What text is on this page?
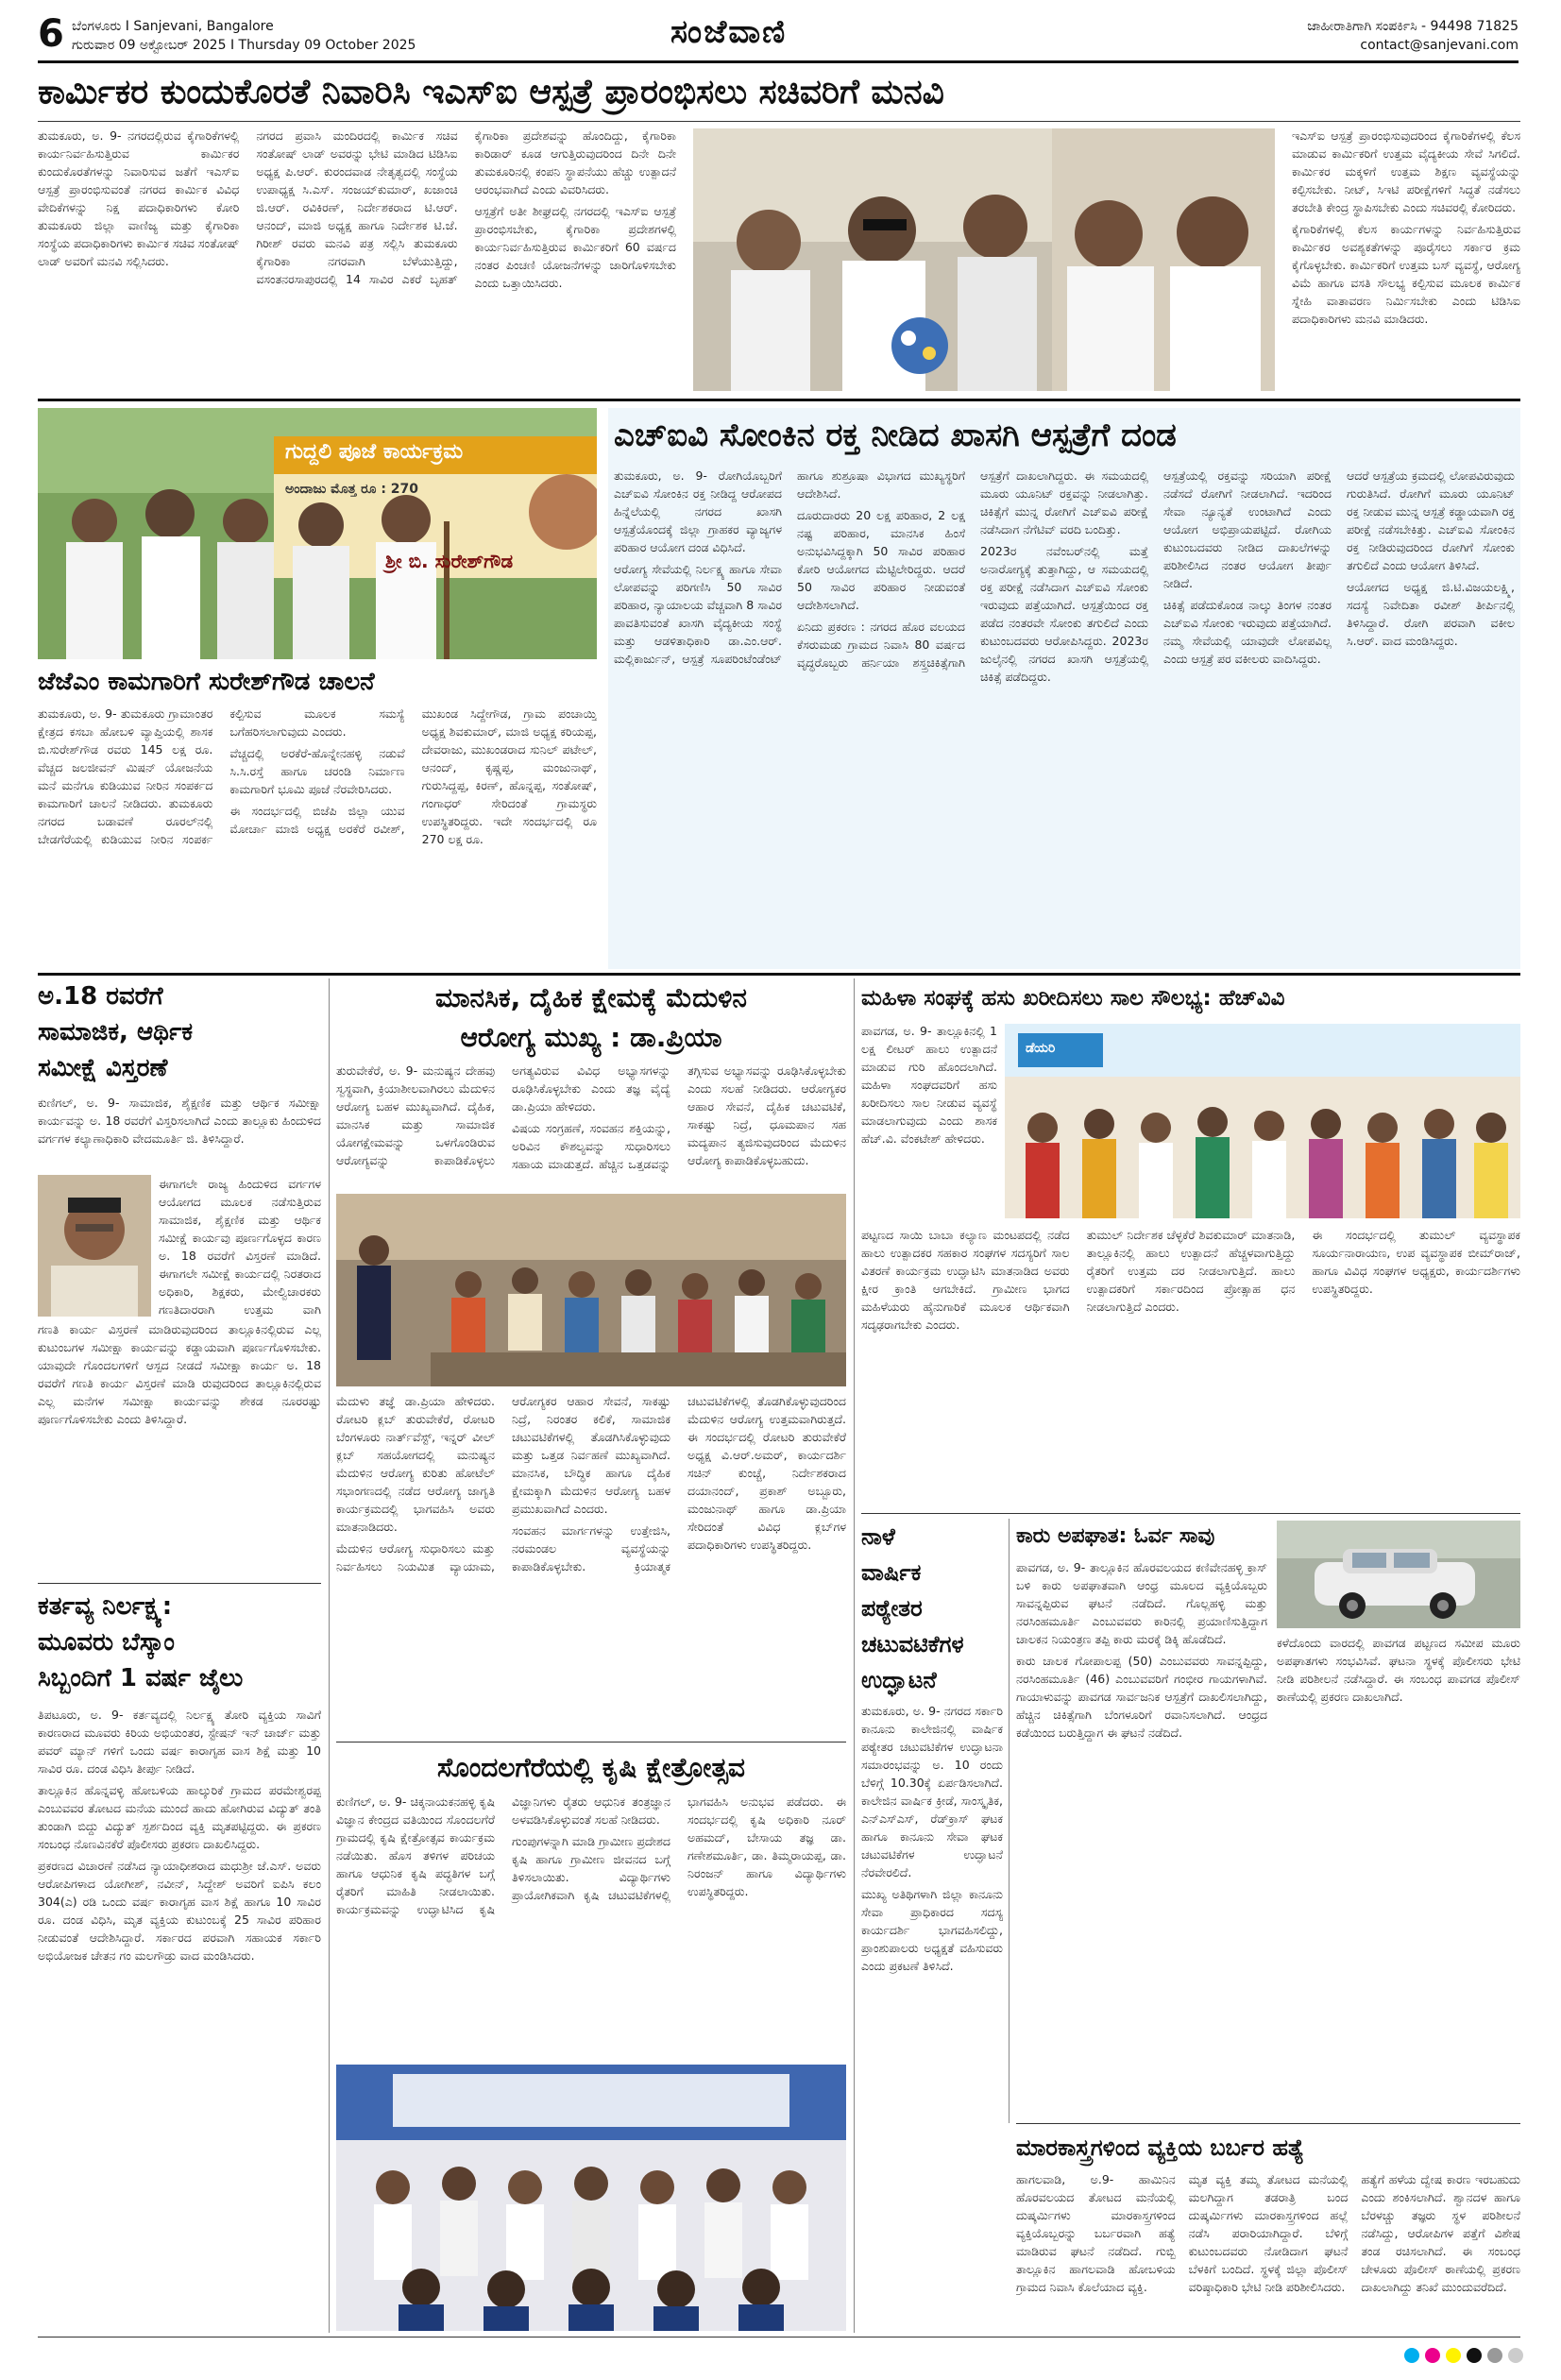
6 ಬೆಂಗಳೂರು I Sanjevani, Bangalore
ಗುರುವಾರ 09 ಅಕ್ಟೋಬರ್ 2025 I Thursday 09 October 2025	ಸಂಜೆವಾಣಿ	ಜಾಹೀರಾತಿಗಾಗಿ ಸಂಪರ್ಕಿಸಿ - 94498 71825
contact@sanjevani.com
ಕಾರ್ಮಿಕರ ಕುಂದುಕೊರತೆ ನಿವಾರಿಸಿ ಇಎಸ್‌ಐ ಆಸ್ಪತ್ರೆ ಪ್ರಾರಂಭಿಸಲು ಸಚಿವರಿಗೆ ಮನವಿ

ತುಮಕೂರು, ಅ. 9- ನಗರದಲ್ಲಿರುವ ಕೈಗಾರಿಕೆಗಳಲ್ಲಿ ಕಾರ್ಯನಿರ್ವಹಿಸುತ್ತಿರುವ ಕಾರ್ಮಿಕರ ಕುಂದುಕೊರತೆಗಳನ್ನು ನಿವಾರಿಸುವ ಜತೆಗೆ ಇಎಸ್‌ಐ ಆಸ್ಪತ್ರೆ ಪ್ರಾರಂಭಿಸುವಂತೆ ನಗರದ ಕಾರ್ಮಿಕ ವಿವಿಧ ವೇದಿಕೆಗಳನ್ನು ನಿಕ್ಷ ಪದಾಧಿಕಾರಿಗಳು ಕೋರಿ ತುಮಕೂರು ಜಿಲ್ಲಾ ವಾಣಿಜ್ಯ ಮತ್ತು ಕೈಗಾರಿಕಾ ಸಂಸ್ಥೆಯ ಪದಾಧಿಕಾರಿಗಳು ಕಾರ್ಮಿಕ ಸಚಿವ ಸಂತೋಷ್ ಲಾಡ್ ಅವರಿಗೆ ಮನವಿ ಸಲ್ಲಿಸಿದರು.

ನಗರದ ಪ್ರವಾಸಿ ಮಂದಿರದಲ್ಲಿ ಕಾರ್ಮಿಕ ಸಚಿವ ಸಂತೋಷ್ ಲಾಡ್ ಅವರನ್ನು ಭೇಟಿ ಮಾಡಿದ ಟಿಡಿಸಿಐ ಅಧ್ಯಕ್ಷ ಪಿ.ಆರ್. ಕುರಂದವಾಡ ನೇತೃತ್ವದಲ್ಲಿ ಸಂಸ್ಥೆಯ ಉಪಾಧ್ಯಕ್ಷ ಸಿ.ಎಸ್. ಸಂಜಯ್‌ಕುಮಾರ್, ಖಜಾಂಚಿ ಜಿ.ಆರ್. ರವಿಕಿರಣ್, ನಿರ್ದೇಶಕರಾದ ಟಿ.ಆರ್. ಆನಂದ್, ಮಾಜಿ ಅಧ್ಯಕ್ಷ ಹಾಗೂ ನಿರ್ದೇಶಕ ಟಿ.ಜೆ. ಗಿರೀಶ್ ರವರು ಮನವಿ ಪತ್ರ ಸಲ್ಲಿಸಿ ತುಮಕೂರು ಕೈಗಾರಿಕಾ ನಗರವಾಗಿ ಬೆಳೆಯುತ್ತಿದ್ದು, ವಸಂತನರಸಾಪುರದಲ್ಲಿ 14 ಸಾವಿರ ಎಕರೆ ಬೃಹತ್ ಕೈಗಾರಿಕಾ ಪ್ರದೇಶವನ್ನು ಹೊಂದಿದ್ದು, ಕೈಗಾರಿಕಾ ಕಾರಿಡಾರ್ ಕೂಡ ಆಗುತ್ತಿರುವುದರಿಂದ ದಿನೇ ದಿನೇ ತುಮಕೂರಿನಲ್ಲಿ ಕಂಪನಿ ಸ್ಥಾಪನೆಯು ಹೆಚ್ಚು ಉತ್ಪಾದನೆ ಆರಂಭವಾಗಿದೆ ಎಂದು ವಿವರಿಸಿದರು.

ಆಸ್ಪತ್ರೆಗೆ ಅತೀ ಶೀಘ್ರದಲ್ಲಿ ನಗರದಲ್ಲಿ ಇಎಸ್‌ಐ ಆಸ್ಪತ್ರೆ ಪ್ರಾರಂಭಿಸಬೇಕು, ಕೈಗಾರಿಕಾ ಪ್ರದೇಶಗಳಲ್ಲಿ ಕಾರ್ಯನಿರ್ವಹಿಸುತ್ತಿರುವ ಕಾರ್ಮಿಕರಿಗೆ 60 ವರ್ಷದ ನಂತರ ಪಿಂಚಣಿ ಯೋಜನೆಗಳನ್ನು ಜಾರಿಗೊಳಿಸಬೇಕು ಎಂದು ಒತ್ತಾಯಿಸಿದರು.

ಇಎಸ್‌ಐ ಆಸ್ಪತ್ರೆ ಪ್ರಾರಂಭಿಸುವುದರಿಂದ ಕೈಗಾರಿಕೆಗಳಲ್ಲಿ ಕೆಲಸ ಮಾಡುವ ಕಾರ್ಮಿಕರಿಗೆ ಉತ್ತಮ ವೈದ್ಯಕೀಯ ಸೇವೆ ಸಿಗಲಿದೆ. ಕಾರ್ಮಿಕರ ಮಕ್ಕಳಿಗೆ ಉತ್ತಮ ಶಿಕ್ಷಣ ವ್ಯವಸ್ಥೆಯನ್ನು ಕಲ್ಪಿಸಬೇಕು. ನೀಟ್, ಸಿಇಟಿ ಪರೀಕ್ಷೆಗಳಿಗೆ ಸಿದ್ಧತೆ ನಡೆಸಲು ತರಬೇತಿ ಕೇಂದ್ರ ಸ್ಥಾಪಿಸಬೇಕು ಎಂದು ಸಚಿವರಲ್ಲಿ ಕೋರಿದರು.

ಕೈಗಾರಿಕೆಗಳಲ್ಲಿ ಕೆಲಸ ಕಾರ್ಯಗಳನ್ನು ನಿರ್ವಹಿಸುತ್ತಿರುವ ಕಾರ್ಮಿಕರ ಅವಶ್ಯಕತೆಗಳನ್ನು ಪೂರೈಸಲು ಸರ್ಕಾರ ಕ್ರಮ ಕೈಗೊಳ್ಳಬೇಕು. ಕಾರ್ಮಿಕರಿಗೆ ಉತ್ತಮ ಬಸ್ ವ್ಯವಸ್ಥೆ, ಆರೋಗ್ಯ ವಿಮೆ ಹಾಗೂ ವಸತಿ ಸೌಲಭ್ಯ ಕಲ್ಪಿಸುವ ಮೂಲಕ ಕಾರ್ಮಿಕ ಸ್ನೇಹಿ ವಾತಾವರಣ ನಿರ್ಮಿಸಬೇಕು ಎಂದು ಟಿಡಿಸಿಐ ಪದಾಧಿಕಾರಿಗಳು ಮನವಿ ಮಾಡಿದರು.

ಗುದ್ದಲಿ ಪೂಜೆ ಕಾರ್ಯಕ್ರಮ
ಅಂದಾಜು ಮೊತ್ತ ರೂ : 270
ಶ್ರೀ ಬಿ. ಸುರೇಶ್‌ಗೌಡ
ಜೆಜೆಎಂ ಕಾಮಗಾರಿಗೆ ಸುರೇಶ್‌ಗೌಡ ಚಾಲನೆ

ತುಮಕೂರು, ಅ. 9- ತುಮಕೂರು ಗ್ರಾಮಾಂತರ ಕ್ಷೇತ್ರದ ಕಸಬಾ ಹೋಬಳಿ ವ್ಯಾಪ್ತಿಯಲ್ಲಿ ಶಾಸಕ ಬಿ.ಸುರೇಶ್‌ಗೌಡ ರವರು 145 ಲಕ್ಷ ರೂ. ವೆಚ್ಚದ ಜಲಜೀವನ್ ಮಿಷನ್ ಯೋಜನೆಯ ಮನೆ ಮನೆಗೂ ಕುಡಿಯುವ ನೀರಿನ ಸಂಪರ್ಕದ ಕಾಮಗಾರಿಗೆ ಚಾಲನೆ ನೀಡಿದರು. ತುಮಕೂರು ನಗರದ ಬಡಾವಣೆ ರೂರಲ್‌ನಲ್ಲಿ ಬೇಡಗೆರೆಯಲ್ಲಿ ಕುಡಿಯುವ ನೀರಿನ ಸಂಪರ್ಕ ಕಲ್ಪಿಸುವ ಮೂಲಕ ಸಮಸ್ಯೆ ಬಗೆಹರಿಸಲಾಗುವುದು ಎಂದರು.

ವೆಚ್ಚದಲ್ಲಿ ಅರಕೆರೆ-ಹೊನ್ನೇನಹಳ್ಳಿ ನಡುವೆ ಸಿ.ಸಿ.ರಸ್ತೆ ಹಾಗೂ ಚರಂಡಿ ನಿರ್ಮಾಣ ಕಾಮಗಾರಿಗೆ ಭೂಮಿ ಪೂಜೆ ನೆರವೇರಿಸಿದರು.

ಈ ಸಂದರ್ಭದಲ್ಲಿ ಬಿಜೆಪಿ ಜಿಲ್ಲಾ ಯುವ ಮೋರ್ಚಾ ಮಾಜಿ ಅಧ್ಯಕ್ಷ ಅರಕೆರೆ ರವೀಶ್, ಮುಖಂಡ ಸಿದ್ದೇಗೌಡ, ಗ್ರಾಮ ಪಂಚಾಯ್ತಿ ಅಧ್ಯಕ್ಷ ಶಿವಕುಮಾರ್, ಮಾಜಿ ಅಧ್ಯಕ್ಷ ಕರಿಯಪ್ಪ, ದೇವರಾಜು, ಮುಖಂಡರಾದ ಸುನಿಲ್ ಪಟೇಲ್, ಆನಂದ್, ಕೃಷ್ಣಪ್ಪ, ಮಂಜುನಾಥ್, ಗುರುಸಿದ್ದಪ್ಪ, ಕಿರಣ್, ಹೊನ್ನಪ್ಪ, ಸಂತೋಷ್, ಗಂಗಾಧರ್ ಸೇರಿದಂತೆ ಗ್ರಾಮಸ್ಥರು ಉಪಸ್ಥಿತರಿದ್ದರು. ಇದೇ ಸಂದರ್ಭದಲ್ಲಿ ರೂ 270 ಲಕ್ಷ ರೂ.

ಎಚ್‌ಐವಿ ಸೋಂಕಿನ ರಕ್ತ ನೀಡಿದ ಖಾಸಗಿ ಆಸ್ಪತ್ರೆಗೆ ದಂಡ

ತುಮಕೂರು, ಅ. 9- ರೋಗಿಯೊಬ್ಬರಿಗೆ ಎಚ್‌ಐವಿ ಸೋಂಕಿನ ರಕ್ತ ನೀಡಿದ್ದ ಆರೋಪದ ಹಿನ್ನೆಲೆಯಲ್ಲಿ ನಗರದ ಖಾಸಗಿ ಆಸ್ಪತ್ರೆಯೊಂದಕ್ಕೆ ಜಿಲ್ಲಾ ಗ್ರಾಹಕರ ವ್ಯಾಜ್ಯಗಳ ಪರಿಹಾರ ಆಯೋಗ ದಂಡ ವಿಧಿಸಿದೆ.

ಆರೋಗ್ಯ ಸೇವೆಯಲ್ಲಿ ನಿರ್ಲಕ್ಷ್ಯ ಹಾಗೂ ಸೇವಾ ಲೋಪವನ್ನು ಪರಿಗಣಿಸಿ 50 ಸಾವಿರ ಪರಿಹಾರ, ನ್ಯಾಯಾಲಯ ವೆಚ್ಚವಾಗಿ 8 ಸಾವಿರ ಪಾವತಿಸುವಂತೆ ಖಾಸಗಿ ವೈದ್ಯಕೀಯ ಸಂಸ್ಥೆ ಮತ್ತು ಆಡಳಿತಾಧಿಕಾರಿ ಡಾ.ಎಂ.ಆರ್. ಮಲ್ಲಿಕಾರ್ಜುನ್, ಆಸ್ಪತ್ರೆ ಸೂಪರಿಂಟೆಂಡೆಂಟ್ ಹಾಗೂ ಶುಶ್ರೂಷಾ ವಿಭಾಗದ ಮುಖ್ಯಸ್ಥರಿಗೆ ಆದೇಶಿಸಿದೆ.

ದೂರುದಾರರು 20 ಲಕ್ಷ ಪರಿಹಾರ, 2 ಲಕ್ಷ ನಷ್ಟ ಪರಿಹಾರ, ಮಾನಸಿಕ ಹಿಂಸೆ ಅನುಭವಿಸಿದ್ದಕ್ಕಾಗಿ 50 ಸಾವಿರ ಪರಿಹಾರ ಕೋರಿ ಆಯೋಗದ ಮೆಟ್ಟಿಲೇರಿದ್ದರು. ಆದರೆ 50 ಸಾವಿರ ಪರಿಹಾರ ನೀಡುವಂತೆ ಆದೇಶಿಸಲಾಗಿದೆ.

ಏನಿದು ಪ್ರಕರಣ : ನಗರದ ಹೊರ ವಲಯದ ಕೆಸರುಮಡು ಗ್ರಾಮದ ನಿವಾಸಿ 80 ವರ್ಷದ ವೃದ್ಧರೊಬ್ಬರು ಹರ್ನಿಯಾ ಶಸ್ತ್ರಚಿಕಿತ್ಸೆಗಾಗಿ ಆಸ್ಪತ್ರೆಗೆ ದಾಖಲಾಗಿದ್ದರು. ಈ ಸಮಯದಲ್ಲಿ ಮೂರು ಯೂನಿಟ್ ರಕ್ತವನ್ನು ನೀಡಲಾಗಿತ್ತು. ಚಿಕಿತ್ಸೆಗೆ ಮುನ್ನ ರೋಗಿಗೆ ಎಚ್‌ಐವಿ ಪರೀಕ್ಷೆ ನಡೆಸಿದಾಗ ನೆಗೆಟಿವ್ ವರದಿ ಬಂದಿತ್ತು.

2023ರ ನವೆಂಬರ್‌ನಲ್ಲಿ ಮತ್ತೆ ಅನಾರೋಗ್ಯಕ್ಕೆ ತುತ್ತಾಗಿದ್ದು, ಆ ಸಮಯದಲ್ಲಿ ರಕ್ತ ಪರೀಕ್ಷೆ ನಡೆಸಿದಾಗ ಎಚ್‌ಐವಿ ಸೋಂಕು ಇರುವುದು ಪತ್ತೆಯಾಗಿದೆ. ಆಸ್ಪತ್ರೆಯಿಂದ ರಕ್ತ ಪಡೆದ ನಂತರವೇ ಸೋಂಕು ತಗುಲಿದೆ ಎಂದು ಕುಟುಂಬದವರು ಆರೋಪಿಸಿದ್ದರು. 2023ರ ಜುಲೈನಲ್ಲಿ ನಗರದ ಖಾಸಗಿ ಆಸ್ಪತ್ರೆಯಲ್ಲಿ ಚಿಕಿತ್ಸೆ ಪಡೆದಿದ್ದರು.

ಆಸ್ಪತ್ರೆಯಲ್ಲಿ ರಕ್ತವನ್ನು ಸರಿಯಾಗಿ ಪರೀಕ್ಷೆ ನಡೆಸದೆ ರೋಗಿಗೆ ನೀಡಲಾಗಿದೆ. ಇದರಿಂದ ಸೇವಾ ನ್ಯೂನ್ಯತೆ ಉಂಟಾಗಿದೆ ಎಂದು ಆಯೋಗ ಅಭಿಪ್ರಾಯಪಟ್ಟಿದೆ. ರೋಗಿಯ ಕುಟುಂಬದವರು ನೀಡಿದ ದಾಖಲೆಗಳನ್ನು ಪರಿಶೀಲಿಸಿದ ನಂತರ ಆಯೋಗ ತೀರ್ಪು ನೀಡಿದೆ.

ಚಿಕಿತ್ಸೆ ಪಡೆದುಕೊಂಡ ನಾಲ್ಕು ತಿಂಗಳ ನಂತರ ಎಚ್‌ಐವಿ ಸೋಂಕು ಇರುವುದು ಪತ್ತೆಯಾಗಿದೆ. ನಮ್ಮ ಸೇವೆಯಲ್ಲಿ ಯಾವುದೇ ಲೋಪವಿಲ್ಲ ಎಂದು ಆಸ್ಪತ್ರೆ ಪರ ವಕೀಲರು ವಾದಿಸಿದ್ದರು.

ಆದರೆ ಆಸ್ಪತ್ರೆಯ ಕ್ರಮದಲ್ಲಿ ಲೋಪವಿರುವುದು ಗುರುತಿಸಿದೆ. ರೋಗಿಗೆ ಮೂರು ಯೂನಿಟ್ ರಕ್ತ ನೀಡುವ ಮುನ್ನ ಆಸ್ಪತ್ರೆ ಕಡ್ಡಾಯವಾಗಿ ರಕ್ತ ಪರೀಕ್ಷೆ ನಡೆಸಬೇಕಿತ್ತು. ಎಚ್‌ಐವಿ ಸೋಂಕಿನ ರಕ್ತ ನೀಡಿರುವುದರಿಂದ ರೋಗಿಗೆ ಸೋಂಕು ತಗುಲಿದೆ ಎಂದು ಆಯೋಗ ತಿಳಿಸಿದೆ.

ಆಯೋಗದ ಅಧ್ಯಕ್ಷ ಜಿ.ಟಿ.ವಿಜಯಲಕ್ಷ್ಮಿ, ಸದಸ್ಯೆ ನಿವೇದಿತಾ ರವೀಶ್ ತೀರ್ಪಿನಲ್ಲಿ ತಿಳಿಸಿದ್ದಾರೆ. ರೋಗಿ ಪರವಾಗಿ ವಕೀಲ ಸಿ.ಆರ್. ವಾದ ಮಂಡಿಸಿದ್ದರು.

ಅ.18 ರವರೆಗೆ
ಸಾಮಾಜಿಕ, ಆರ್ಥಿಕ
ಸಮೀಕ್ಷೆ ವಿಸ್ತರಣೆ

ಕುಣಿಗಲ್, ಅ. 9- ಸಾಮಾಜಿಕ, ಶೈಕ್ಷಣಿಕ ಮತ್ತು ಆರ್ಥಿಕ ಸಮೀಕ್ಷಾ ಕಾರ್ಯವನ್ನು ಅ. 18 ರವರೆಗೆ ವಿಸ್ತರಿಸಲಾಗಿದೆ ಎಂದು ತಾಲ್ಲೂಕು ಹಿಂದುಳಿದ ವರ್ಗಗಳ ಕಲ್ಯಾಣಾಧಿಕಾರಿ ವೇದಮೂರ್ತಿ ಜಿ. ತಿಳಿಸಿದ್ದಾರೆ.

ಈಗಾಗಲೇ ರಾಜ್ಯ ಹಿಂದುಳಿದ ವರ್ಗಗಳ ಆಯೋಗದ ಮೂಲಕ ನಡೆಸುತ್ತಿರುವ ಸಾಮಾಜಿಕ, ಶೈಕ್ಷಣಿಕ ಮತ್ತು ಆರ್ಥಿಕ ಸಮೀಕ್ಷೆ ಕಾರ್ಯವು ಪೂರ್ಣಗೊಳ್ಳದ ಕಾರಣ ಅ. 18 ರವರೆಗೆ ವಿಸ್ತರಣೆ ಮಾಡಿದೆ. ಈಗಾಗಲೇ ಸಮೀಕ್ಷೆ ಕಾರ್ಯದಲ್ಲಿ ನಿರತರಾದ ಅಧಿಕಾರಿ, ಶಿಕ್ಷಕರು, ಮೇಲ್ವಿಚಾರಕರು ಗಣತಿದಾರರಾಗಿ ಉತ್ತಮ ವಾಗಿ

ಗಣತಿ ಕಾರ್ಯ ವಿಸ್ತರಣೆ ಮಾಡಿರುವುದರಿಂದ ತಾಲ್ಲೂಕಿನಲ್ಲಿರುವ ಎಲ್ಲ ಕುಟುಂಬಗಳ ಸಮೀಕ್ಷಾ ಕಾರ್ಯವನ್ನು ಕಡ್ಡಾಯವಾಗಿ ಪೂರ್ಣಗೊಳಿಸಬೇಕು. ಯಾವುದೇ ಗೊಂದಲಗಳಿಗೆ ಆಸ್ಪದ ನೀಡದೆ ಸಮೀಕ್ಷಾ ಕಾರ್ಯ ಅ. 18 ರವರೆಗೆ ಗಣತಿ ಕಾರ್ಯ ವಿಸ್ತರಣೆ ಮಾಡಿ ರುವುದರಿಂದ ತಾಲ್ಲೂಕಿನಲ್ಲಿರುವ ಎಲ್ಲ ಮನೆಗಳ ಸಮೀಕ್ಷಾ ಕಾರ್ಯವನ್ನು ಶೇಕಡ ನೂರರಷ್ಟು ಪೂರ್ಣಗೊಳಿಸಬೇಕು ಎಂದು ತಿಳಿಸಿದ್ದಾರೆ.

ಕರ್ತವ್ಯ ನಿರ್ಲಕ್ಷ್ಯ:
ಮೂವರು ಬೆಸ್ಕಾಂ
ಸಿಬ್ಬಂದಿಗೆ 1 ವರ್ಷ ಜೈಲು

ತಿಪಟೂರು, ಅ. 9- ಕರ್ತವ್ಯದಲ್ಲಿ ನಿರ್ಲಕ್ಷ್ಯ ತೋರಿ ವ್ಯಕ್ತಿಯ ಸಾವಿಗೆ ಕಾರಣರಾದ ಮೂವರು ಕಿರಿಯ ಅಭಿಯಂತರ, ಸ್ಟೇಷನ್ ಇನ್ ಚಾರ್ಜ್ ಮತ್ತು ಪವರ್ ಮ್ಯಾನ್ ಗಳಿಗೆ ಒಂದು ವರ್ಷ ಕಾರಾಗೃಹ ವಾಸ ಶಿಕ್ಷೆ ಮತ್ತು 10 ಸಾವಿರ ರೂ. ದಂಡ ವಿಧಿಸಿ ತೀರ್ಪು ನೀಡಿದೆ.

ತಾಲ್ಲೂಕಿನ ಹೊನ್ನವಳ್ಳಿ ಹೋಬಳಿಯ ಹಾಲ್ಕುರಿಕೆ ಗ್ರಾಮದ ಪರಮೇಶ್ವರಪ್ಪ ಎಂಬುವವರ ತೋಟದ ಮನೆಯ ಮುಂದೆ ಹಾದು ಹೋಗಿರುವ ವಿದ್ಯುತ್ ತಂತಿ ತುಂಡಾಗಿ ಬಿದ್ದು ವಿದ್ಯುತ್ ಸ್ಪರ್ಶದಿಂದ ವ್ಯಕ್ತಿ ಮೃತಪಟ್ಟಿದ್ದರು. ಈ ಪ್ರಕರಣ ಸಂಬಂಧ ನೊಣವಿನಕೆರೆ ಪೊಲೀಸರು ಪ್ರಕರಣ ದಾಖಲಿಸಿದ್ದರು.

ಪ್ರಕರಣದ ವಿಚಾರಣೆ ನಡೆಸಿದ ನ್ಯಾಯಾಧೀಶರಾದ ಮಧುಶ್ರೀ ಜೆ.ಎಸ್. ಅವರು ಆರೋಪಿಗಳಾದ ಯೋಗೀಶ್, ನವೀನ್, ಸಿದ್ದೇಶ್ ಅವರಿಗೆ ಐಪಿಸಿ ಕಲಂ 304(ಎ) ರಡಿ ಒಂದು ವರ್ಷ ಕಾರಾಗೃಹ ವಾಸ ಶಿಕ್ಷೆ ಹಾಗೂ 10 ಸಾವಿರ ರೂ. ದಂಡ ವಿಧಿಸಿ, ಮೃತ ವ್ಯಕ್ತಿಯ ಕುಟುಂಬಕ್ಕೆ 25 ಸಾವಿರ ಪರಿಹಾರ ನೀಡುವಂತೆ ಆದೇಶಿಸಿದ್ದಾರೆ. ಸರ್ಕಾರದ ಪರವಾಗಿ ಸಹಾಯಕ ಸರ್ಕಾರಿ ಅಭಿಯೋಜಕ ಚೇತನ ಗಂ ಮಲಗೌಡ್ರು ವಾದ ಮಂಡಿಸಿದರು.

ಮಾನಸಿಕ, ದೈಹಿಕ ಕ್ಷೇಮಕ್ಕೆ ಮೆದುಳಿನ
ಆರೋಗ್ಯ ಮುಖ್ಯ : ಡಾ.ಪ್ರಿಯಾ

ತುರುವೇಕೆರೆ, ಅ. 9- ಮನುಷ್ಯನ ದೇಹವು ಸ್ವಸ್ಥವಾಗಿ, ಕ್ರಿಯಾಶೀಲವಾಗಿರಲು ಮೆದುಳಿನ ಆರೋಗ್ಯ ಬಹಳ ಮುಖ್ಯವಾಗಿದೆ. ದೈಹಿಕ, ಮಾನಸಿಕ ಮತ್ತು ಸಾಮಾಜಿಕ ಯೋಗಕ್ಷೇಮವನ್ನು ಒಳಗೊಂಡಿರುವ ಆರೋಗ್ಯವನ್ನು ಕಾಪಾಡಿಕೊಳ್ಳಲು ಅಗತ್ಯವಿರುವ ವಿವಿಧ ಅಭ್ಯಾಸಗಳನ್ನು ರೂಢಿಸಿಕೊಳ್ಳಬೇಕು ಎಂದು ತಜ್ಞ ವೈದ್ಯೆ ಡಾ.ಪ್ರಿಯಾ ಹೇಳಿದರು.

ವಿಷಯ ಸಂಗ್ರಹಣೆ, ಸಂವಹನ ಶಕ್ತಿಯನ್ನು, ಅರಿವಿನ ಕೌಶಲ್ಯವನ್ನು ಸುಧಾರಿಸಲು ಸಹಾಯ ಮಾಡುತ್ತದೆ. ಹೆಚ್ಚಿನ ಒತ್ತಡವನ್ನು ತಗ್ಗಿಸುವ ಅಭ್ಯಾಸವನ್ನು ರೂಢಿಸಿಕೊಳ್ಳಬೇಕು ಎಂದು ಸಲಹೆ ನೀಡಿದರು. ಆರೋಗ್ಯಕರ ಆಹಾರ ಸೇವನೆ, ದೈಹಿಕ ಚಟುವಟಿಕೆ, ಸಾಕಷ್ಟು ನಿದ್ರೆ, ಧೂಮಪಾನ ಸಹ ಮದ್ಯಪಾನ ತ್ಯಜಿಸುವುದರಿಂದ ಮೆದುಳಿನ ಆರೋಗ್ಯ ಕಾಪಾಡಿಕೊಳ್ಳಬಹುದು.

ಮೆದುಳು ತಜ್ಞೆ ಡಾ.ಪ್ರಿಯಾ ಹೇಳಿದರು. ರೋಟರಿ ಕ್ಲಬ್ ತುರುವೇಕೆರೆ, ರೋಟರಿ ಬೆಂಗಳೂರು ನಾರ್ತ್‌ವೆಸ್ಟ್, ಇನ್ನರ್ ವೀಲ್ ಕ್ಲಬ್ ಸಹಯೋಗದಲ್ಲಿ ಮನುಷ್ಯನ ಮೆದುಳಿನ ಆರೋಗ್ಯ ಕುರಿತು ಹೋಟೆಲ್ ಸಭಾಂಗಣದಲ್ಲಿ ನಡೆದ ಆರೋಗ್ಯ ಜಾಗೃತಿ ಕಾರ್ಯಕ್ರಮದಲ್ಲಿ ಭಾಗವಹಿಸಿ ಅವರು ಮಾತನಾಡಿದರು.

ಮೆದುಳಿನ ಆರೋಗ್ಯ ಸುಧಾರಿಸಲು ಮತ್ತು ನಿರ್ವಹಿಸಲು ನಿಯಮಿತ ವ್ಯಾಯಾಮ, ಆರೋಗ್ಯಕರ ಆಹಾರ ಸೇವನೆ, ಸಾಕಷ್ಟು ನಿದ್ರೆ, ನಿರಂತರ ಕಲಿಕೆ, ಸಾಮಾಜಿಕ ಚಟುವಟಿಕೆಗಳಲ್ಲಿ ತೊಡಗಿಸಿಕೊಳ್ಳುವುದು ಮತ್ತು ಒತ್ತಡ ನಿರ್ವಹಣೆ ಮುಖ್ಯವಾಗಿದೆ. ಮಾನಸಿಕ, ಬೌದ್ಧಿಕ ಹಾಗೂ ದೈಹಿಕ ಕ್ಷೇಮಕ್ಕಾಗಿ ಮೆದುಳಿನ ಆರೋಗ್ಯ ಬಹಳ ಪ್ರಮುಖವಾಗಿದೆ ಎಂದರು.

ಸಂವಹನ ಮಾರ್ಗಗಳನ್ನು ಉತ್ತೇಜಿಸಿ, ನರಮಂಡಲ ವ್ಯವಸ್ಥೆಯನ್ನು ಕಾಪಾಡಿಕೊಳ್ಳಬೇಕು. ಕ್ರಿಯಾತ್ಮಕ ಚಟುವಟಿಕೆಗಳಲ್ಲಿ ತೊಡಗಿಕೊಳ್ಳುವುದರಿಂದ ಮೆದುಳಿನ ಆರೋಗ್ಯ ಉತ್ತಮವಾಗಿರುತ್ತದೆ. ಈ ಸಂದರ್ಭದಲ್ಲಿ ರೋಟರಿ ತುರುವೇಕೆರೆ ಅಧ್ಯಕ್ಷ ವಿ.ಆರ್.ಅಮರ್, ಕಾರ್ಯದರ್ಶಿ ಸಚಿನ್ ಕುಂಚ್ಚೆ, ನಿರ್ದೇಶಕರಾದ ದಯಾನಂದ್, ಪ್ರಕಾಶ್ ಅಬ್ಬೂರು, ಮಂಜುನಾಥ್ ಹಾಗೂ ಡಾ.ಪ್ರಿಯಾ ಸೇರಿದಂತೆ ವಿವಿಧ ಕ್ಲಬ್‌ಗಳ ಪದಾಧಿಕಾರಿಗಳು ಉಪಸ್ಥಿತರಿದ್ದರು.

ಸೊಂದಲಗೆರೆಯಲ್ಲಿ ಕೃಷಿ ಕ್ಷೇತ್ರೋತ್ಸವ

ಕುಣಿಗಲ್, ಅ. 9- ಚಿಕ್ಕನಾಯಕನಹಳ್ಳಿ ಕೃಷಿ ವಿಜ್ಞಾನ ಕೇಂದ್ರದ ವತಿಯಿಂದ ಸೊಂದಲಗೆರೆ ಗ್ರಾಮದಲ್ಲಿ ಕೃಷಿ ಕ್ಷೇತ್ರೋತ್ಸವ ಕಾರ್ಯಕ್ರಮ ನಡೆಯಿತು. ಹೊಸ ತಳಿಗಳ ಪರಿಚಯ ಹಾಗೂ ಆಧುನಿಕ ಕೃಷಿ ಪದ್ಧತಿಗಳ ಬಗ್ಗೆ ರೈತರಿಗೆ ಮಾಹಿತಿ ನೀಡಲಾಯಿತು. ಕಾರ್ಯಕ್ರಮವನ್ನು ಉದ್ಘಾಟಿಸಿದ ಕೃಷಿ ವಿಜ್ಞಾನಿಗಳು ರೈತರು ಆಧುನಿಕ ತಂತ್ರಜ್ಞಾನ ಅಳವಡಿಸಿಕೊಳ್ಳುವಂತೆ ಸಲಹೆ ನೀಡಿದರು.

ಗುಂಪುಗಳನ್ನಾಗಿ ಮಾಡಿ ಗ್ರಾಮೀಣ ಪ್ರದೇಶದ ಕೃಷಿ ಹಾಗೂ ಗ್ರಾಮೀಣ ಜೀವನದ ಬಗ್ಗೆ ತಿಳಿಸಲಾಯಿತು. ವಿದ್ಯಾರ್ಥಿಗಳು ಪ್ರಾಯೋಗಿಕವಾಗಿ ಕೃಷಿ ಚಟುವಟಿಕೆಗಳಲ್ಲಿ ಭಾಗವಹಿಸಿ ಅನುಭವ ಪಡೆದರು. ಈ ಸಂದರ್ಭದಲ್ಲಿ ಕೃಷಿ ಅಧಿಕಾರಿ ನೂರ್ ಅಹಮದ್, ಬೇಸಾಯ ತಜ್ಞ ಡಾ. ಗಣೇಶಮೂರ್ತಿ, ಡಾ. ತಿಮ್ಮರಾಯಪ್ಪ, ಡಾ. ನಿರಂಜನ್ ಹಾಗೂ ವಿದ್ಯಾರ್ಥಿಗಳು ಉಪಸ್ಥಿತರಿದ್ದರು.

ಮಹಿಳಾ ಸಂಘಕ್ಕೆ ಹಸು ಖರೀದಿಸಲು ಸಾಲ ಸೌಲಭ್ಯ: ಹೆಚ್‌ವಿವಿ

ಪಾವಗಡ, ಅ. 9- ತಾಲ್ಲೂಕಿನಲ್ಲಿ 1 ಲಕ್ಷ ಲೀಟರ್ ಹಾಲು ಉತ್ಪಾದನೆ ಮಾಡುವ ಗುರಿ ಹೊಂದಲಾಗಿದೆ. ಮಹಿಳಾ ಸಂಘದವರಿಗೆ ಹಸು ಖರೀದಿಸಲು ಸಾಲ ನೀಡುವ ವ್ಯವಸ್ಥೆ ಮಾಡಲಾಗುವುದು ಎಂದು ಶಾಸಕ ಹೆಚ್.ವಿ. ವೆಂಕಟೇಶ್ ಹೇಳಿದರು.

ಡೆಯರಿ

ಪಟ್ಟಣದ ಸಾಯಿ ಬಾಬಾ ಕಲ್ಯಾಣ ಮಂಟಪದಲ್ಲಿ ನಡೆದ ಹಾಲು ಉತ್ಪಾದಕರ ಸಹಕಾರ ಸಂಘಗಳ ಸದಸ್ಯರಿಗೆ ಸಾಲ ವಿತರಣೆ ಕಾರ್ಯಕ್ರಮ ಉದ್ಘಾಟಿಸಿ ಮಾತನಾಡಿದ ಅವರು ಕ್ಷೀರ ಕ್ರಾಂತಿ ಆಗಬೇಕಿದೆ. ಗ್ರಾಮೀಣ ಭಾಗದ ಮಹಿಳೆಯರು ಹೈನುಗಾರಿಕೆ ಮೂಲಕ ಆರ್ಥಿಕವಾಗಿ ಸದೃಢರಾಗಬೇಕು ಎಂದರು.

ತುಮುಲ್ ನಿರ್ದೇಶಕ ಚೆಳ್ಳಕೆರೆ ಶಿವಕುಮಾರ್ ಮಾತನಾಡಿ, ತಾಲ್ಲೂಕಿನಲ್ಲಿ ಹಾಲು ಉತ್ಪಾದನೆ ಹೆಚ್ಚಳವಾಗುತ್ತಿದ್ದು ರೈತರಿಗೆ ಉತ್ತಮ ದರ ನೀಡಲಾಗುತ್ತಿದೆ. ಹಾಲು ಉತ್ಪಾದಕರಿಗೆ ಸರ್ಕಾರದಿಂದ ಪ್ರೋತ್ಸಾಹ ಧನ ನೀಡಲಾಗುತ್ತಿದೆ ಎಂದರು.

ಈ ಸಂದರ್ಭದಲ್ಲಿ ತುಮುಲ್ ವ್ಯವಸ್ಥಾಪಕ ಸೂರ್ಯನಾರಾಯಣ, ಉಪ ವ್ಯವಸ್ಥಾಪಕ ಬೀಮ್‌ರಾಜ್, ಹಾಗೂ ವಿವಿಧ ಸಂಘಗಳ ಅಧ್ಯಕ್ಷರು, ಕಾರ್ಯದರ್ಶಿಗಳು ಉಪಸ್ಥಿತರಿದ್ದರು.

ನಾಳೆ
ವಾರ್ಷಿಕ
ಪಠ್ಯೇತರ
ಚಟುವಟಿಕೆಗಳ
ಉದ್ಘಾಟನೆ

ತುಮಕೂರು, ಅ. 9- ನಗರದ ಸರ್ಕಾರಿ ಕಾನೂನು ಕಾಲೇಜಿನಲ್ಲಿ ವಾರ್ಷಿಕ ಪಠ್ಯೇತರ ಚಟುವಟಿಕೆಗಳ ಉದ್ಘಾಟನಾ ಸಮಾರಂಭವನ್ನು ಅ. 10 ರಂದು ಬೆಳಿಗ್ಗೆ 10.30ಕ್ಕೆ ಏರ್ಪಡಿಸಲಾಗಿದೆ. ಕಾಲೇಜಿನ ವಾರ್ಷಿಕ ಕ್ರೀಡೆ, ಸಾಂಸ್ಕೃತಿಕ, ಎನ್‌ಎಸ್‌ಎಸ್, ರೆಡ್‌ಕ್ರಾಸ್ ಘಟಕ ಹಾಗೂ ಕಾನೂನು ಸೇವಾ ಘಟಕ ಚಟುವಟಿಕೆಗಳ ಉದ್ಘಾಟನೆ ನೆರವೇರಲಿದೆ.

ಮುಖ್ಯ ಅತಿಥಿಗಳಾಗಿ ಜಿಲ್ಲಾ ಕಾನೂನು ಸೇವಾ ಪ್ರಾಧಿಕಾರದ ಸದಸ್ಯ ಕಾರ್ಯದರ್ಶಿ ಭಾಗವಹಿಸಲಿದ್ದು, ಪ್ರಾಂಶುಪಾಲರು ಅಧ್ಯಕ್ಷತೆ ವಹಿಸುವರು ಎಂದು ಪ್ರಕಟಣೆ ತಿಳಿಸಿದೆ.

ಕಾರು ಅಪಘಾತ: ಓರ್ವ ಸಾವು

ಪಾವಗಡ, ಅ. 9- ತಾಲ್ಲೂಕಿನ ಹೊರವಲಯದ ಕಣಿವೇನಹಳ್ಳಿ ಕ್ರಾಸ್ ಬಳಿ ಕಾರು ಅಪಘಾತವಾಗಿ ಆಂಧ್ರ ಮೂಲದ ವ್ಯಕ್ತಿಯೊಬ್ಬರು ಸಾವನ್ನಪ್ಪಿರುವ ಘಟನೆ ನಡೆದಿದೆ. ಗೊಲ್ಲಹಳ್ಳಿ ಮತ್ತು ನರಸಿಂಹಮೂರ್ತಿ ಎಂಬುವವರು ಕಾರಿನಲ್ಲಿ ಪ್ರಯಾಣಿಸುತ್ತಿದ್ದಾಗ ಚಾಲಕನ ನಿಯಂತ್ರಣ ತಪ್ಪಿ ಕಾರು ಮರಕ್ಕೆ ಡಿಕ್ಕಿ ಹೊಡೆದಿದೆ.

ಕಾರು ಚಾಲಕ ಗೋಪಾಲಪ್ಪ (50) ಎಂಬುವವರು ಸಾವನ್ನಪ್ಪಿದ್ದು, ನರಸಿಂಹಮೂರ್ತಿ (46) ಎಂಬುವವರಿಗೆ ಗಂಭೀರ ಗಾಯಗಳಾಗಿವೆ. ಗಾಯಾಳುವನ್ನು ಪಾವಗಡ ಸಾರ್ವಜನಿಕ ಆಸ್ಪತ್ರೆಗೆ ದಾಖಲಿಸಲಾಗಿದ್ದು, ಹೆಚ್ಚಿನ ಚಿಕಿತ್ಸೆಗಾಗಿ ಬೆಂಗಳೂರಿಗೆ ರವಾನಿಸಲಾಗಿದೆ. ಆಂಧ್ರದ ಕಡೆಯಿಂದ ಬರುತ್ತಿದ್ದಾಗ ಈ ಘಟನೆ ನಡೆದಿದೆ.

ಕಳೆದೊಂದು ವಾರದಲ್ಲಿ ಪಾವಗಡ ಪಟ್ಟಣದ ಸಮೀಪ ಮೂರು ಅಪಘಾತಗಳು ಸಂಭವಿಸಿವೆ. ಘಟನಾ ಸ್ಥಳಕ್ಕೆ ಪೊಲೀಸರು ಭೇಟಿ ನೀಡಿ ಪರಿಶೀಲನೆ ನಡೆಸಿದ್ದಾರೆ. ಈ ಸಂಬಂಧ ಪಾವಗಡ ಪೊಲೀಸ್ ಠಾಣೆಯಲ್ಲಿ ಪ್ರಕರಣ ದಾಖಲಾಗಿದೆ.

ಮಾರಕಾಸ್ತ್ರಗಳಿಂದ ವ್ಯಕ್ತಿಯ ಬರ್ಬರ ಹತ್ಯೆ

ಹಾಗಲವಾಡಿ, ಅ.9- ಹಾಮಿನಿನ ಹೊರವಲಯದ ತೋಟದ ಮನೆಯಲ್ಲಿ ದುಷ್ಕರ್ಮಿಗಳು ಮಾರಕಾಸ್ತ್ರಗಳಿಂದ ವ್ಯಕ್ತಿಯೊಬ್ಬರನ್ನು ಬರ್ಬರವಾಗಿ ಹತ್ಯೆ ಮಾಡಿರುವ ಘಟನೆ ನಡೆದಿದೆ. ಗುಬ್ಬಿ ತಾಲ್ಲೂಕಿನ ಹಾಗಲವಾಡಿ ಹೋಬಳಿಯ ಗ್ರಾಮದ ನಿವಾಸಿ ಕೊಲೆಯಾದ ವ್ಯಕ್ತಿ.

ಮೃತ ವ್ಯಕ್ತಿ ತಮ್ಮ ತೋಟದ ಮನೆಯಲ್ಲಿ ಮಲಗಿದ್ದಾಗ ತಡರಾತ್ರಿ ಬಂದ ದುಷ್ಕರ್ಮಿಗಳು ಮಾರಕಾಸ್ತ್ರಗಳಿಂದ ಹಲ್ಲೆ ನಡೆಸಿ ಪರಾರಿಯಾಗಿದ್ದಾರೆ. ಬೆಳಿಗ್ಗೆ ಕುಟುಂಬದವರು ನೋಡಿದಾಗ ಘಟನೆ ಬೆಳಕಿಗೆ ಬಂದಿದೆ. ಸ್ಥಳಕ್ಕೆ ಜಿಲ್ಲಾ ಪೊಲೀಸ್ ವರಿಷ್ಠಾಧಿಕಾರಿ ಭೇಟಿ ನೀಡಿ ಪರಿಶೀಲಿಸಿದರು.

ಹತ್ಯೆಗೆ ಹಳೆಯ ದ್ವೇಷ ಕಾರಣ ಇರಬಹುದು ಎಂದು ಶಂಕಿಸಲಾಗಿದೆ. ಶ್ವಾನದಳ ಹಾಗೂ ಬೆರಳಚ್ಚು ತಜ್ಞರು ಸ್ಥಳ ಪರಿಶೀಲನೆ ನಡೆಸಿದ್ದು, ಆರೋಪಿಗಳ ಪತ್ತೆಗೆ ವಿಶೇಷ ತಂಡ ರಚಿಸಲಾಗಿದೆ. ಈ ಸಂಬಂಧ ಚೇಳೂರು ಪೊಲೀಸ್ ಠಾಣೆಯಲ್ಲಿ ಪ್ರಕರಣ ದಾಖಲಾಗಿದ್ದು ತನಿಖೆ ಮುಂದುವರೆದಿದೆ.
